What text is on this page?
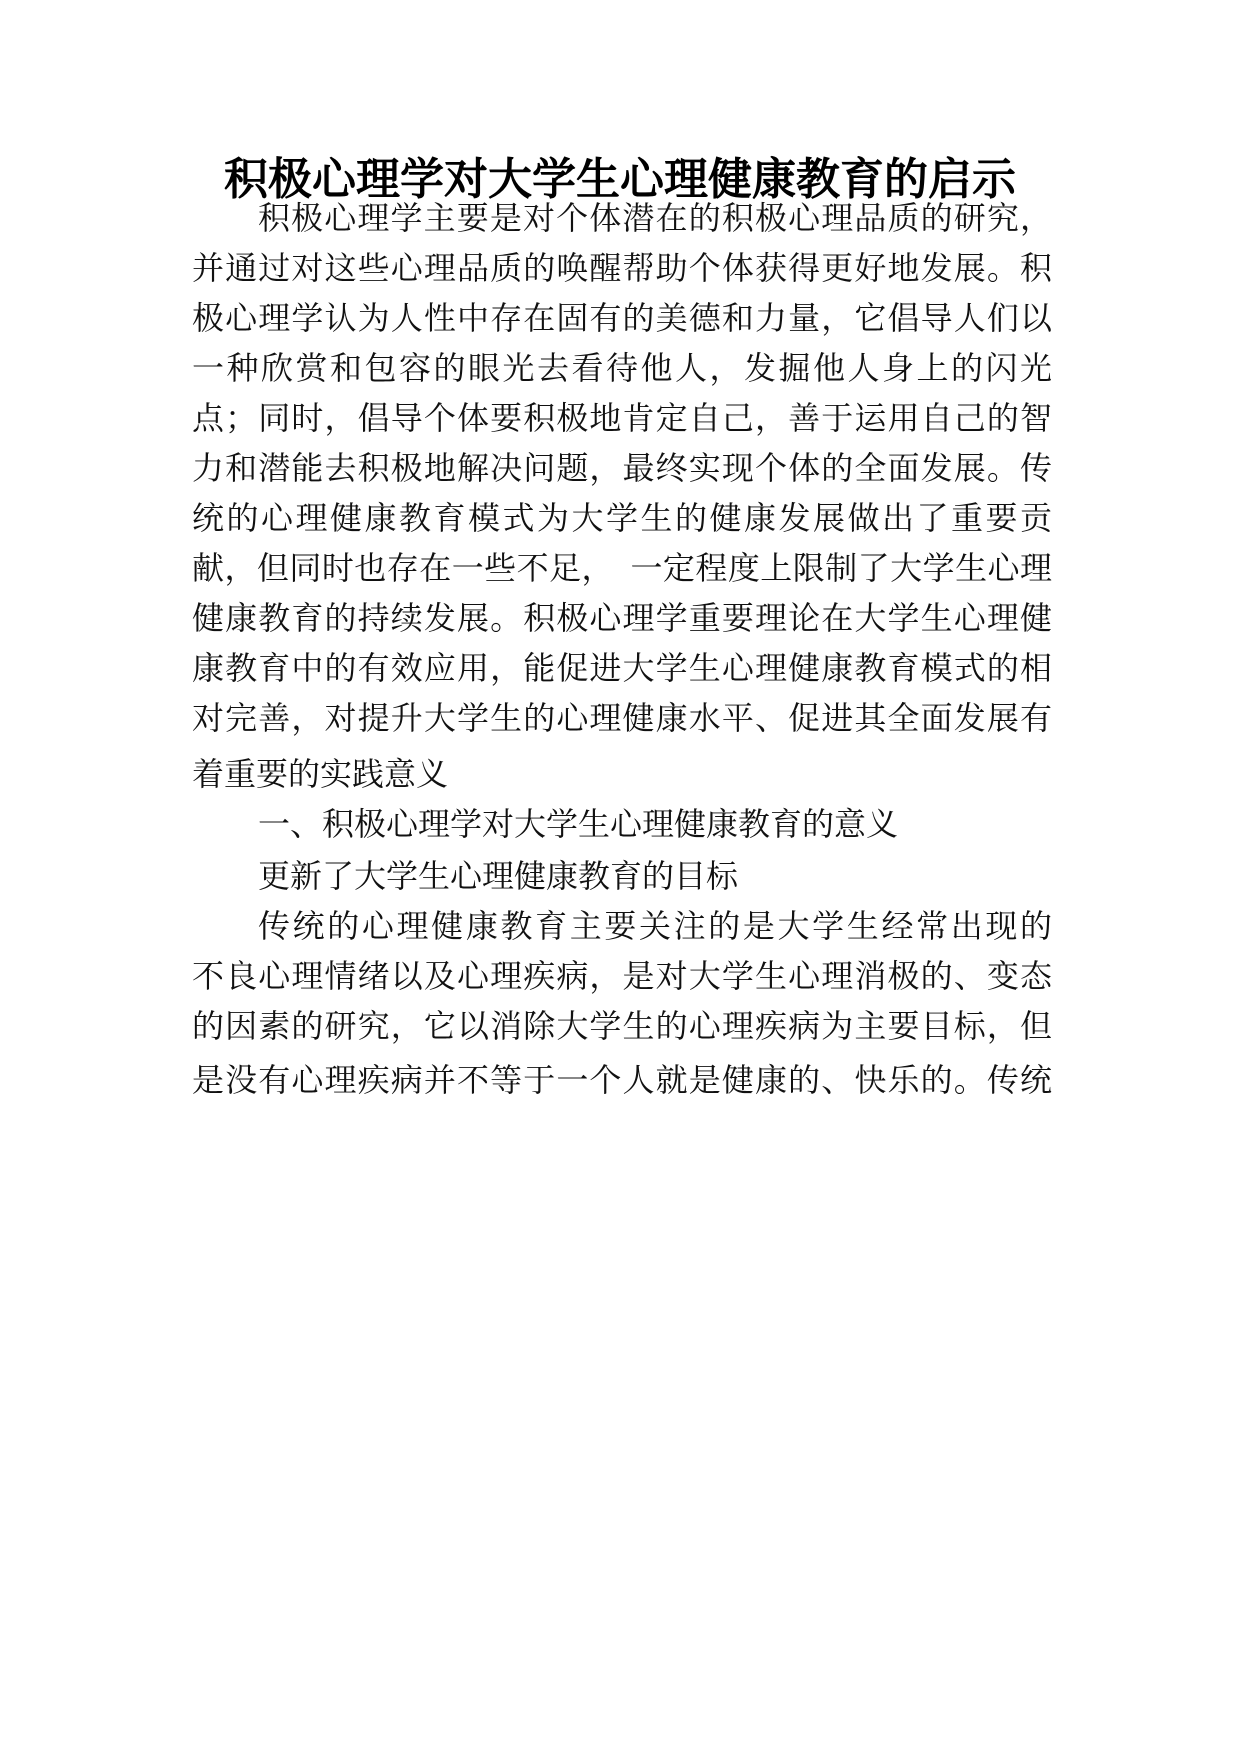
积极心理学对大学生心理健康教育的启示

积极心理学主要是对个体潜在的积极心理品质的研究，

并通过对这些心理品质的唤醒帮助个体获得更好地发展。积

极心理学认为人性中存在固有的美德和力量，它倡导人们以

一种欣赏和包容的眼光去看待他人，发掘他人身上的闪光

点；同时，倡导个体要积极地肯定自己，善于运用自己的智

力和潜能去积极地解决问题，最终实现个体的全面发展。传

统的心理健康教育模式为大学生的健康发展做出了重要贡

献，但同时也存在一些不足，　一定程度上限制了大学生心理

健康教育的持续发展。积极心理学重要理论在大学生心理健

康教育中的有效应用，能促进大学生心理健康教育模式的相

对完善，对提升大学生的心理健康水平、促进其全面发展有

着重要的实践意义

一、积极心理学对大学生心理健康教育的意义

更新了大学生心理健康教育的目标

传统的心理健康教育主要关注的是大学生经常出现的

不良心理情绪以及心理疾病，是对大学生心理消极的、变态

的因素的研究，它以消除大学生的心理疾病为主要目标，但

是没有心理疾病并不等于一个人就是健康的、快乐的。传统
